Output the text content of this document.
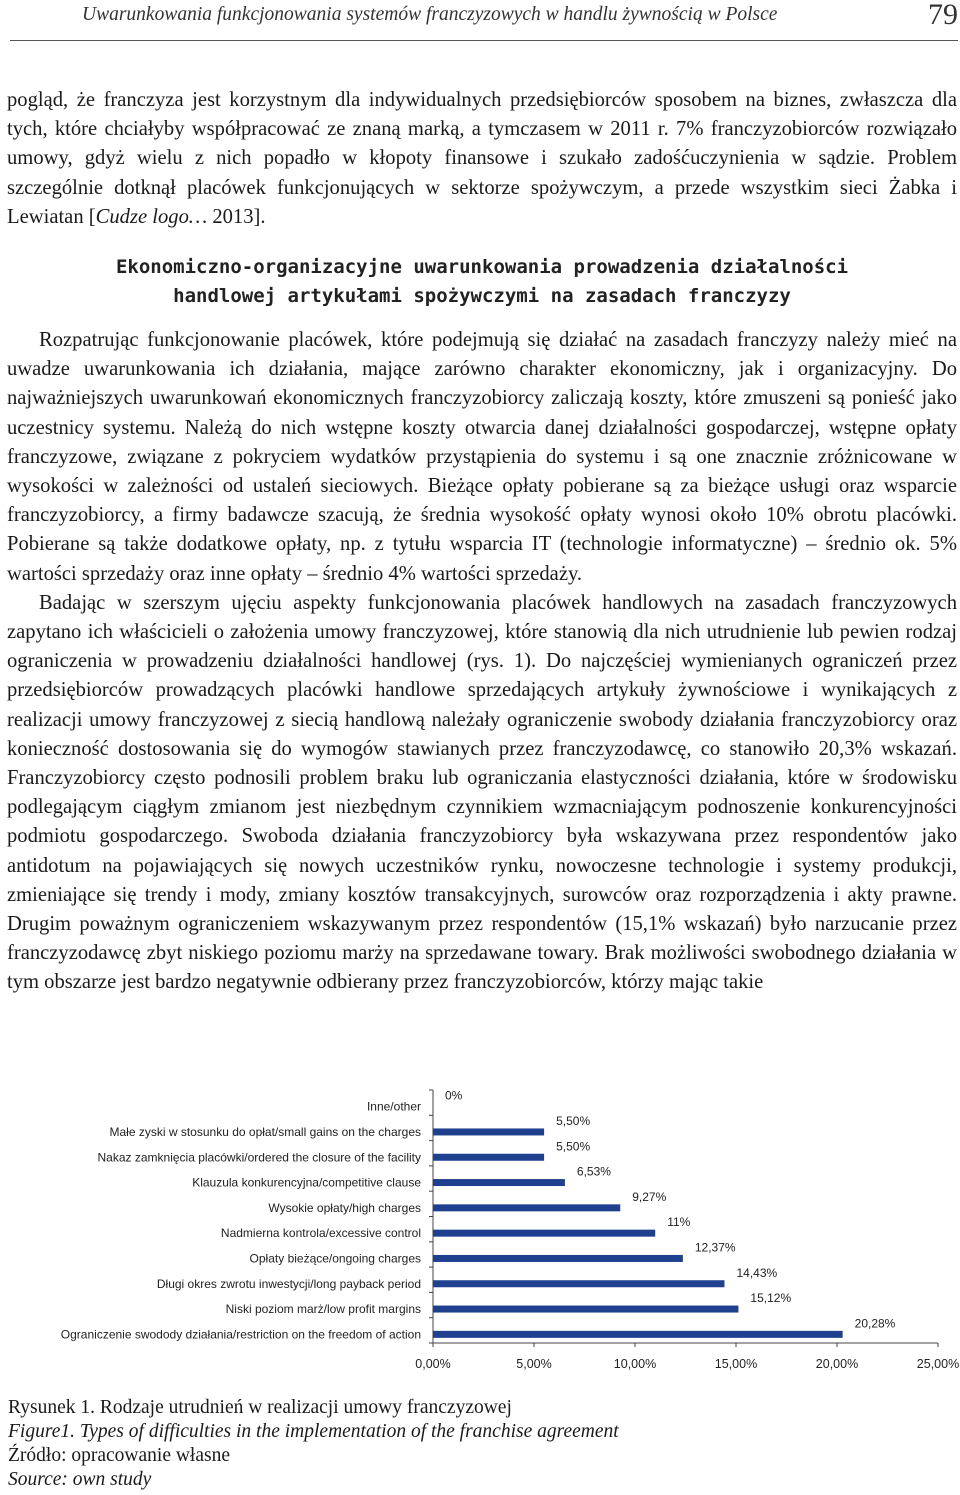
Uwarunkowania funkcjonowania systemów franczyzowych w handlu żywnością w Polsce	79

pogląd, że franczyza jest korzystnym dla indywidualnych przedsiębiorców sposobem na biznes, zwłaszcza dla tych, które chciałyby współpracować ze znaną marką, a tymczasem w 2011 r. 7% franczyzobiorców rozwiązało umowy, gdyż wielu z nich popadło w kłopoty finansowe i szukało zadośćuczynienia w sądzie. Problem szczególnie dotknął placówek funkcjonujących w sektorze spożywczym, a przede wszystkim sieci Żabka i Lewiatan [Cudze logo… 2013].

Ekonomiczno-organizacyjne uwarunkowania prowadzenia działalności
handlowej artykułami spożywczymi na zasadach franczyzy

Rozpatrując funkcjonowanie placówek, które podejmują się działać na zasadach franczyzy należy mieć na uwadze uwarunkowania ich działania, mające zarówno charakter ekonomiczny, jak i organizacyjny. Do najważniejszych uwarunkowań ekonomicznych franczyzobiorcy zaliczają koszty, które zmuszeni są ponieść jako uczestnicy systemu. Należą do nich wstępne koszty otwarcia danej działalności gospodarczej, wstępne opłaty franczyzowe, związane z pokryciem wydatków przystąpienia do systemu i są one znacznie zróżnicowane w wysokości w zależności od ustaleń sieciowych. Bieżące opłaty pobierane są za bieżące usługi oraz wsparcie franczyzobiorcy, a firmy badawcze szacują, że średnia wysokość opłaty wynosi około 10% obrotu placówki. Pobierane są także dodatkowe opłaty, np. z tytułu wsparcia IT (technologie informatyczne) – średnio ok. 5% wartości sprzedaży oraz inne opłaty – średnio 4% wartości sprzedaży.

Badając w szerszym ujęciu aspekty funkcjonowania placówek handlowych na zasadach franczyzowych zapytano ich właścicieli o założenia umowy franczyzowej, które stanowią dla nich utrudnienie lub pewien rodzaj ograniczenia w prowadzeniu działalności handlowej (rys. 1). Do najczęściej wymienianych ograniczeń przez przedsiębiorców prowadzących placówki handlowe sprzedających artykuły żywnościowe i wynikających z realizacji umowy franczyzowej z siecią handlową należały ograniczenie swobody działania franczyzobiorcy oraz konieczność dostosowania się do wymogów stawianych przez franczyzodawcę, co stanowiło 20,3% wskazań. Franczyzobiorcy często podnosili problem braku lub ograniczania elastyczności działania, które w środowisku podlegającym ciągłym zmianom jest niezbędnym czynnikiem wzmacniającym podnoszenie konkurencyjności podmiotu gospodarczego. Swoboda działania franczyzobiorcy była wskazywana przez respondentów jako antidotum na pojawiających się nowych uczestników rynku, nowoczesne technologie i systemy produkcji, zmieniające się trendy i mody, zmiany kosztów transakcyjnych, surowców oraz rozporządzenia i akty prawne. Drugim poważnym ograniczeniem wskazywanym przez respondentów (15,1% wskazań) było narzucanie przez franczyzodawcę zbyt niskiego poziomu marży na sprzedawane towary. Brak możliwości swobodnego działania w tym obszarze jest bardzo negatywnie odbierany przez franczyzobiorców, którzy mając takie

Inne/other
0%
Małe zyski w stosunku do opłat/small gains on the charges
5,50%
Nakaz zamknięcia placówki/ordered the closure of the facility
5,50%
Klauzula konkurencyjna/competitive clause
6,53%
Wysokie opłaty/high charges
9,27%
Nadmierna kontrola/excessive control
11%
Opłaty bieżące/ongoing charges
12,37%
Długi okres zwrotu inwestycji/long payback period
14,43%
Niski poziom marż/low profit margins
15,12%
Ograniczenie swodody działania/restriction on the freedom of action
20,28%
0,00%	5,00%	10,00%	15,00%	20,00%	25,00%
Rysunek 1. Rodzaje utrudnień w realizacji umowy franczyzowej
Figure1. Types of difficulties in the implementation of the franchise agreement
Źródło: opracowanie własne
Source: own study
